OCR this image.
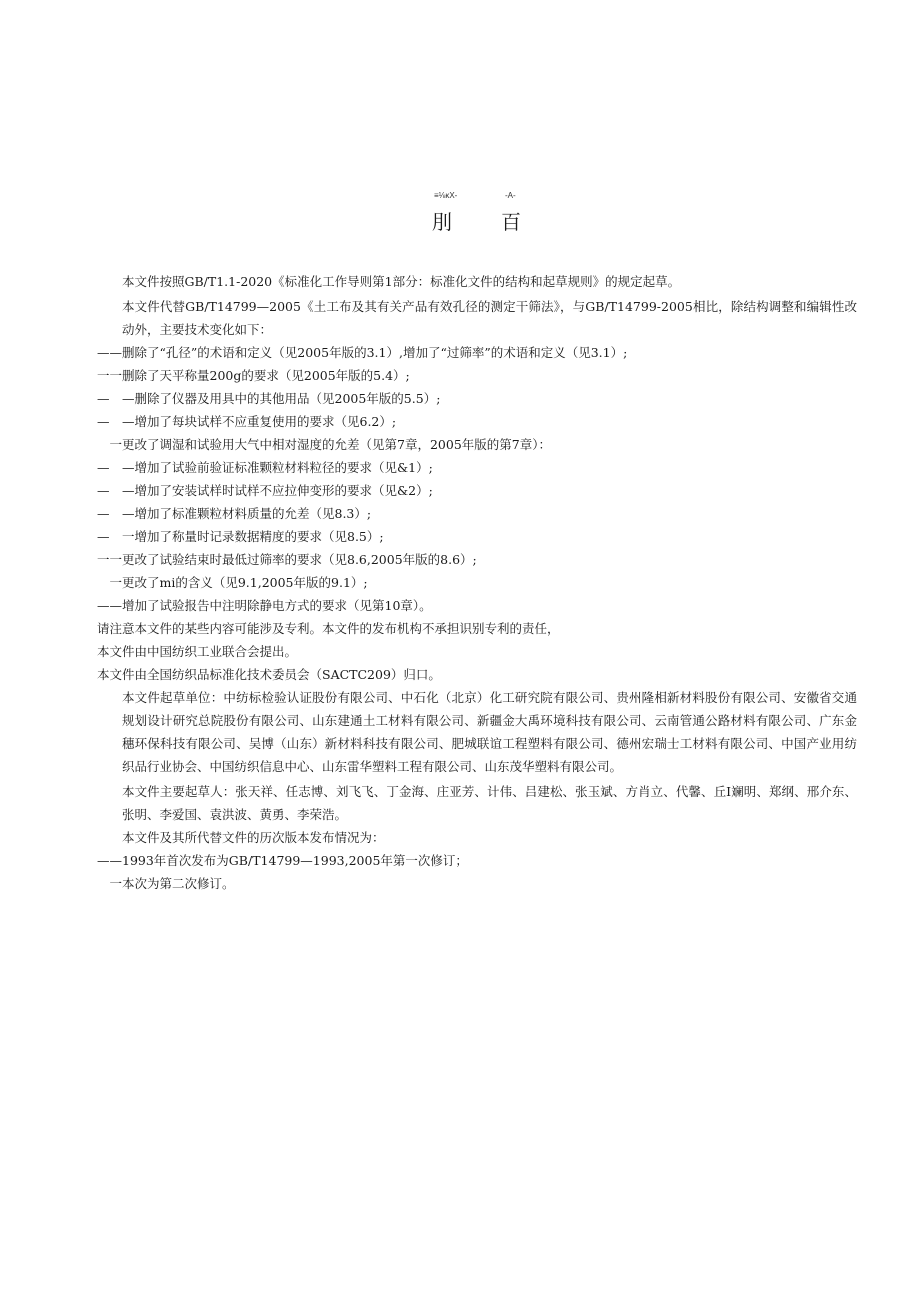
≡⅛κX-	-A-
刖 百

本文件按照GB/T1.1-2020《标准化工作导则第1部分：标准化文件的结构和起草规则》的规定起草。

本文件代替GB/T14799—2005《土工布及其有关产品有效孔径的测定干筛法》，与GB/T14799-2005相比，除结构调整和编辑性改动外，主要技术变化如下：

——删除了“孔径”的术语和定义（见2005年版的3.1）,增加了“过筛率”的术语和定义（见3.1）;

一一删除了天平称量200g的要求（见2005年版的5.4）;

—　—删除了仪器及用具中的其他用品（见2005年版的5.5）;

—　—增加了每块试样不应重复使用的要求（见6.2）;

　一更改了调湿和试验用大气中相对湿度的允差（见第7章，2005年版的第7章）：

—　—增加了试验前验证标准颗粒材料粒径的要求（见&1）;

—　—增加了安装试样时试样不应拉伸变形的要求（见&2）;

—　—增加了标准颗粒材料质量的允差（见8.3）;

—　一增加了称量时记录数据精度的要求（见8.5）;

一一更改了试验结束时最低过筛率的要求（见8.6,2005年版的8.6）;

　一更改了mi的含义（见9.1,2005年版的9.1）;

——增加了试验报告中注明除静电方式的要求（见第10章）。

请注意本文件的某些内容可能涉及专利。本文件的发布机构不承担识别专利的责任，

本文件由中国纺织工业联合会提出。

本文件由全国纺织品标准化技术委员会（SACTC209）归口。

本文件起草单位：中纺标检验认证股份有限公司、中石化（北京）化工研究院有限公司、贵州隆相新材料股份有限公司、安徽省交通规划设计研究总院股份有限公司、山东建通土工材料有限公司、新疆金大禹环境科技有限公司、云南管通公路材料有限公司、广东金穗环保科技有限公司、吴博（山东）新材料科技有限公司、肥城联谊工程塑料有限公司、德州宏瑞士工材料有限公司、中国产业用纺织品行业协会、中国纺织信息中心、山东雷华塑料工程有限公司、山东茂华塑料有限公司。

本文件主要起草人：张天祥、任志博、刘飞飞、丁金海、庄亚芳、计伟、吕建松、张玉斌、方肖立、代馨、丘I斓明、郑纲、邢介东、张明、李爱国、袁洪波、黄勇、李荣浩。

本文件及其所代替文件的历次版本发布情况为：

——1993年首次发布为GB/T14799—1993,2005年第一次修订；

　一本次为第二次修订。
